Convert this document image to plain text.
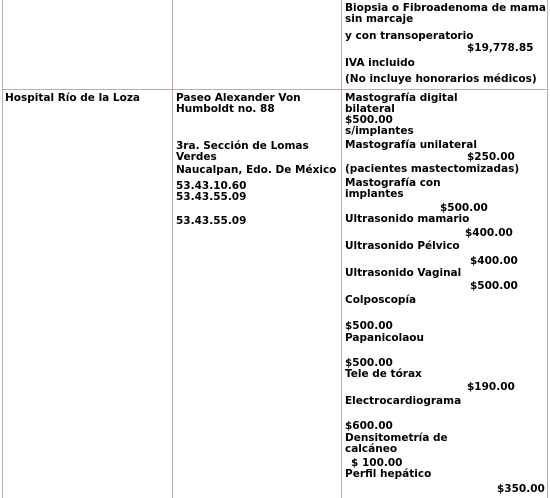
Biopsia o Fibroadenoma de mama
sin marcaje
y con transoperatorio
$19,778.85
IVA incluido
(No incluye honorarios médicos)
Hospital Río de la Loza	Paseo Alexander Von
Humboldt no. 88
3ra. Sección de Lomas
Verdes
Naucalpan, Edo. De México
53.43.10.60
53.43.55.09
53.43.55.09
Mastografía digital
bilateral
$500.00
s/implantes
Mastografía unilateral
$250.00
(pacientes mastectomizadas)
Mastografía con
implantes
$500.00
Ultrasonido mamario
$400.00
Ultrasonido Pélvico
$400.00
Ultrasonido Vaginal
$500.00
Colposcopía
$500.00
Papanicolaou
$500.00
Tele de tórax
$190.00
Electrocardiograma
$600.00
Densitometría de
calcáneo
$ 100.00
Perfil hepático
$350.00
